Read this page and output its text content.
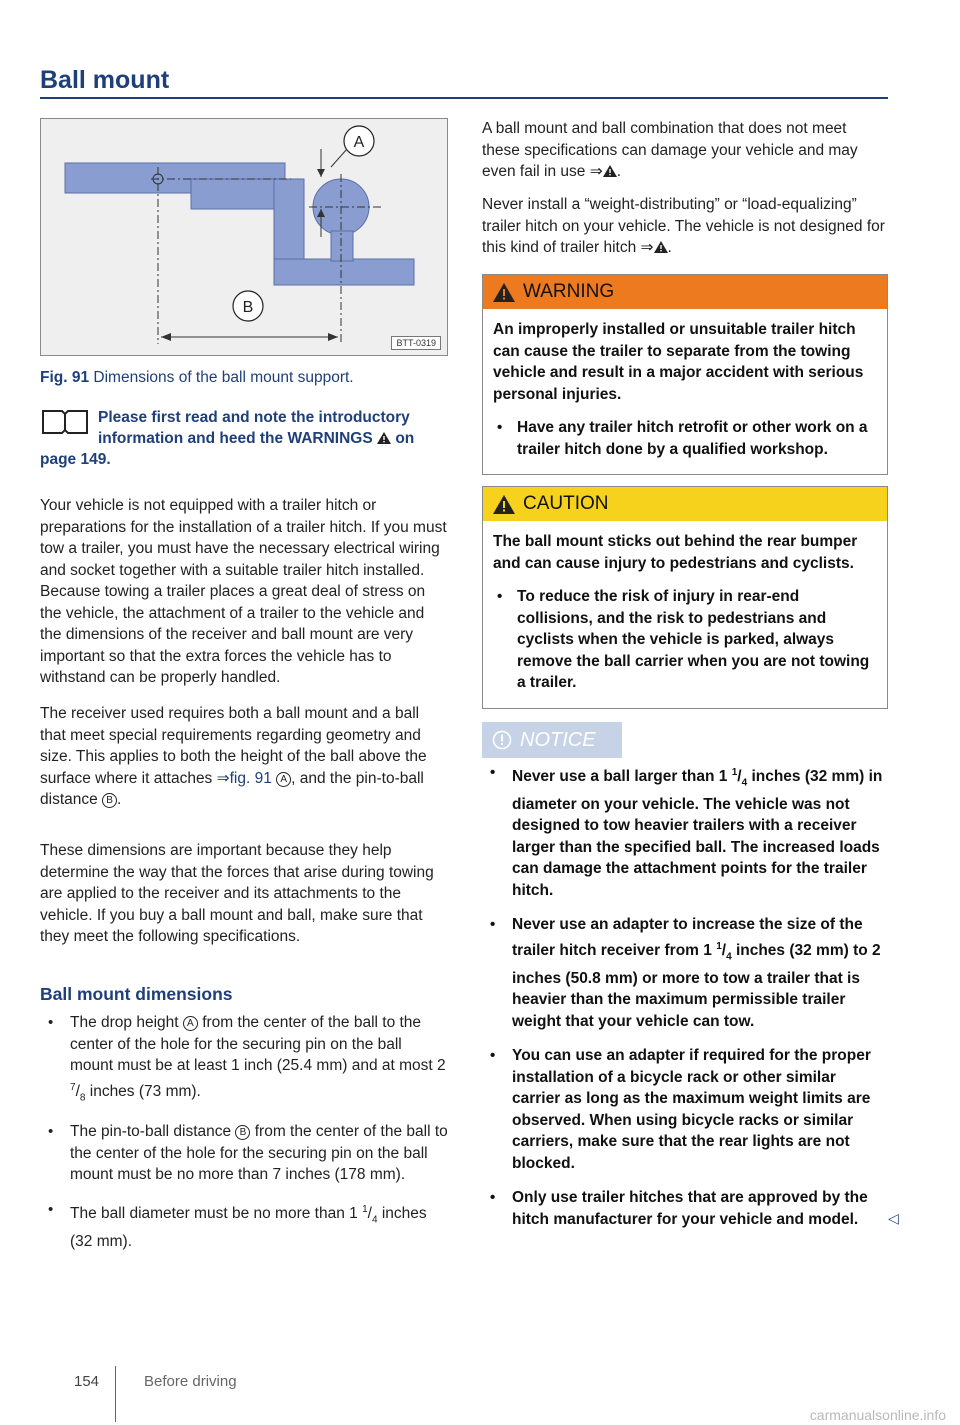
Ball mount
A
B
BTT-0319
Fig. 91 Dimensions of the ball mount support.
Please first read and note the introductory information and heed the WARNINGS on page 149.

Your vehicle is not equipped with a trailer hitch or preparations for the installation of a trailer hitch. If you must tow a trailer, you must have the necessary electrical wiring and socket together with a suitable trailer hitch installed. Because towing a trailer places a great deal of stress on the vehicle, the attachment of a trailer to the vehicle and the dimensions of the receiver and ball mount are very important so that the extra forces the vehicle has to withstand can be properly handled.

The receiver used requires both a ball mount and a ball that meet special requirements regarding geometry and size. This applies to both the height of the ball above the surface where it attaches ⇒fig. 91 A , and the pin-to-ball distance B .

These dimensions are important because they help determine the way that the forces that arise during towing are applied to the receiver and its attachments to the vehicle. If you buy a ball mount and ball, make sure that they meet the following specifications.

Ball mount dimensions
• The drop height A from the center of the ball to the center of the hole for the securing pin on the ball mount must be at least 1 inch (25.4 mm) and at most 2 $^7/_8$ inches (73 mm).
• The pin-to-ball distance B from the center of the ball to the center of the hole for the securing pin on the ball mount must be no more than 7 inches (178 mm).
• The ball diameter must be no more than 1 $^1/_4$ inches (32 mm).

A ball mount and ball combination that does not meet these specifications can damage your vehicle and may even fail in use ⇒ .

Never install a “weight-distributing” or “load-equalizing” trailer hitch on your vehicle. The vehicle is not designed for this kind of trailer hitch ⇒ .

WARNING

An improperly installed or unsuitable trailer hitch can cause the trailer to separate from the towing vehicle and result in a major accident with serious personal injuries.

• Have any trailer hitch retrofit or other work on a trailer hitch done by a qualified workshop.
CAUTION

The ball mount sticks out behind the rear bumper and can cause injury to pedestrians and cyclists.

• To reduce the risk of injury in rear-end collisions, and the risk to pedestrians and cyclists when the vehicle is parked, always remove the ball carrier when you are not towing a trailer.
NOTICE
• Never use a ball larger than 1 $^1/_4$ inches (32 mm) in diameter on your vehicle. The vehicle was not designed to tow heavier trailers with a receiver larger than the specified ball. The increased loads can damage the attachment points for the trailer hitch.
• Never use an adapter to increase the size of the trailer hitch receiver from 1 $^1/_4$ inches (32 mm) to 2 inches (50.8 mm) or more to tow a trailer that is heavier than the maximum permissible trailer weight that your vehicle can tow.
• You can use an adapter if required for the proper installation of a bicycle rack or other similar carrier as long as the maximum weight limits are observed. When using bicycle racks or similar carriers, make sure that the rear lights are not blocked.
• Only use trailer hitches that are approved by the hitch manufacturer for your vehicle and model.	◁
154	Before driving
carmanualsonline.info
